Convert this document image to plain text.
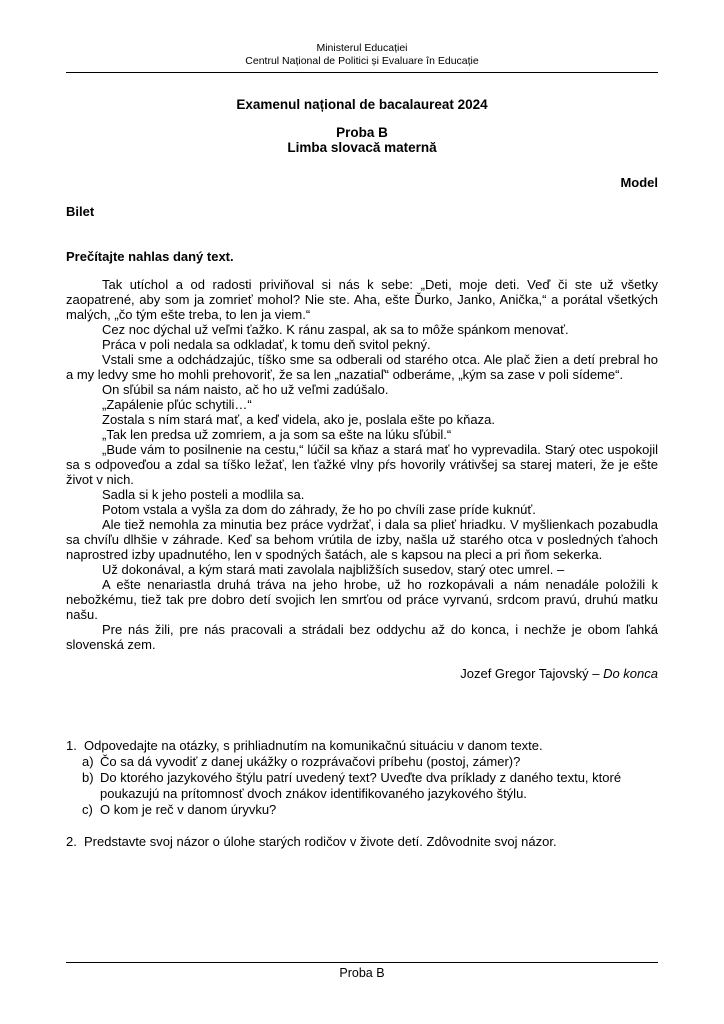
Ministerul Educației
Centrul Național de Politici și Evaluare în Educație
Examenul național de bacalaureat 2024
Proba B
Limba slovacă maternă
Model
Bilet
Prečítajte nahlas daný text.

Tak utíchol a od radosti priviňoval si nás k sebe: „Deti, moje deti. Veď či ste už všetky zaopatrené, aby som ja zomrieť mohol? Nie ste. Aha, ešte Ďurko, Janko, Anička,“ a porátal všetkých malých, „čo tým ešte treba, to len ja viem.“

Cez noc dýchal už veľmi ťažko. K ránu zaspal, ak sa to môže spánkom menovať.

Práca v poli nedala sa odkladať, k tomu deň svitol pekný.

Vstali sme a odchádzajúc, tíško sme sa odberali od starého otca. Ale plač žien a detí prebral ho a my ledvy sme ho mohli prehovoriť, že sa len „nazatiaľ“ odberáme, „kým sa zase v poli sídeme“.

On sľúbil sa nám naisto, ač ho už veľmi zadúšalo.

„Zapálenie pľúc schytili…“

Zostala s ním stará mať, a keď videla, ako je, poslala ešte po kňaza.

„Tak len predsa už zomriem, a ja som sa ešte na lúku sľúbil.“

„Bude vám to posilnenie na cestu,“ lúčil sa kňaz a stará mať ho vyprevadila. Starý otec uspokojil sa s odpoveďou a zdal sa tíško ležať, len ťažké vlny pŕs hovorily vrátivšej sa starej materi, že je ešte život v nich.

Sadla si k jeho posteli a modlila sa.

Potom vstala a vyšla za dom do záhrady, že ho po chvíli zase príde kuknúť.

Ale tiež nemohla za minutia bez práce vydržať, i dala sa plieť hriadku. V myšlienkach pozabudla sa chvíľu dlhšie v záhrade. Keď sa behom vrútila de izby, našla už starého otca v posledných ťahoch naprostred izby upadnutého, len v spodných šatách, ale s kapsou na pleci a pri ňom sekerka.

Už dokonával, a kým stará mati zavolala najbližších susedov, starý otec umrel. –

A ešte nenariastla druhá tráva na jeho hrobe, už ho rozkopávali a nám nenadále položili k nebožkému, tiež tak pre dobro detí svojich len smrťou od práce vyrvanú, srdcom pravú, druhú matku našu.

Pre nás žili, pre nás pracovali a strádali bez oddychu až do konca, i nechže je obom ľahká slovenská zem.

Jozef Gregor Tajovský – Do konca
1. Odpovedajte na otázky, s prihliadnutím na komunikačnú situáciu v danom texte.
a) Čo sa dá vyvodiť z danej ukážky o rozprávačovi príbehu (postoj, zámer)?
b) Do ktorého jazykového štýlu patrí uvedený text? Uveďte dva príklady z daného textu, ktoré poukazujú na prítomnosť dvoch znákov identifikovaného jazykového štýlu.
c) O kom je reč v danom úryvku?
2. Predstavte svoj názor o úlohe starých rodičov v živote detí. Zdôvodnite svoj názor.
Proba B
